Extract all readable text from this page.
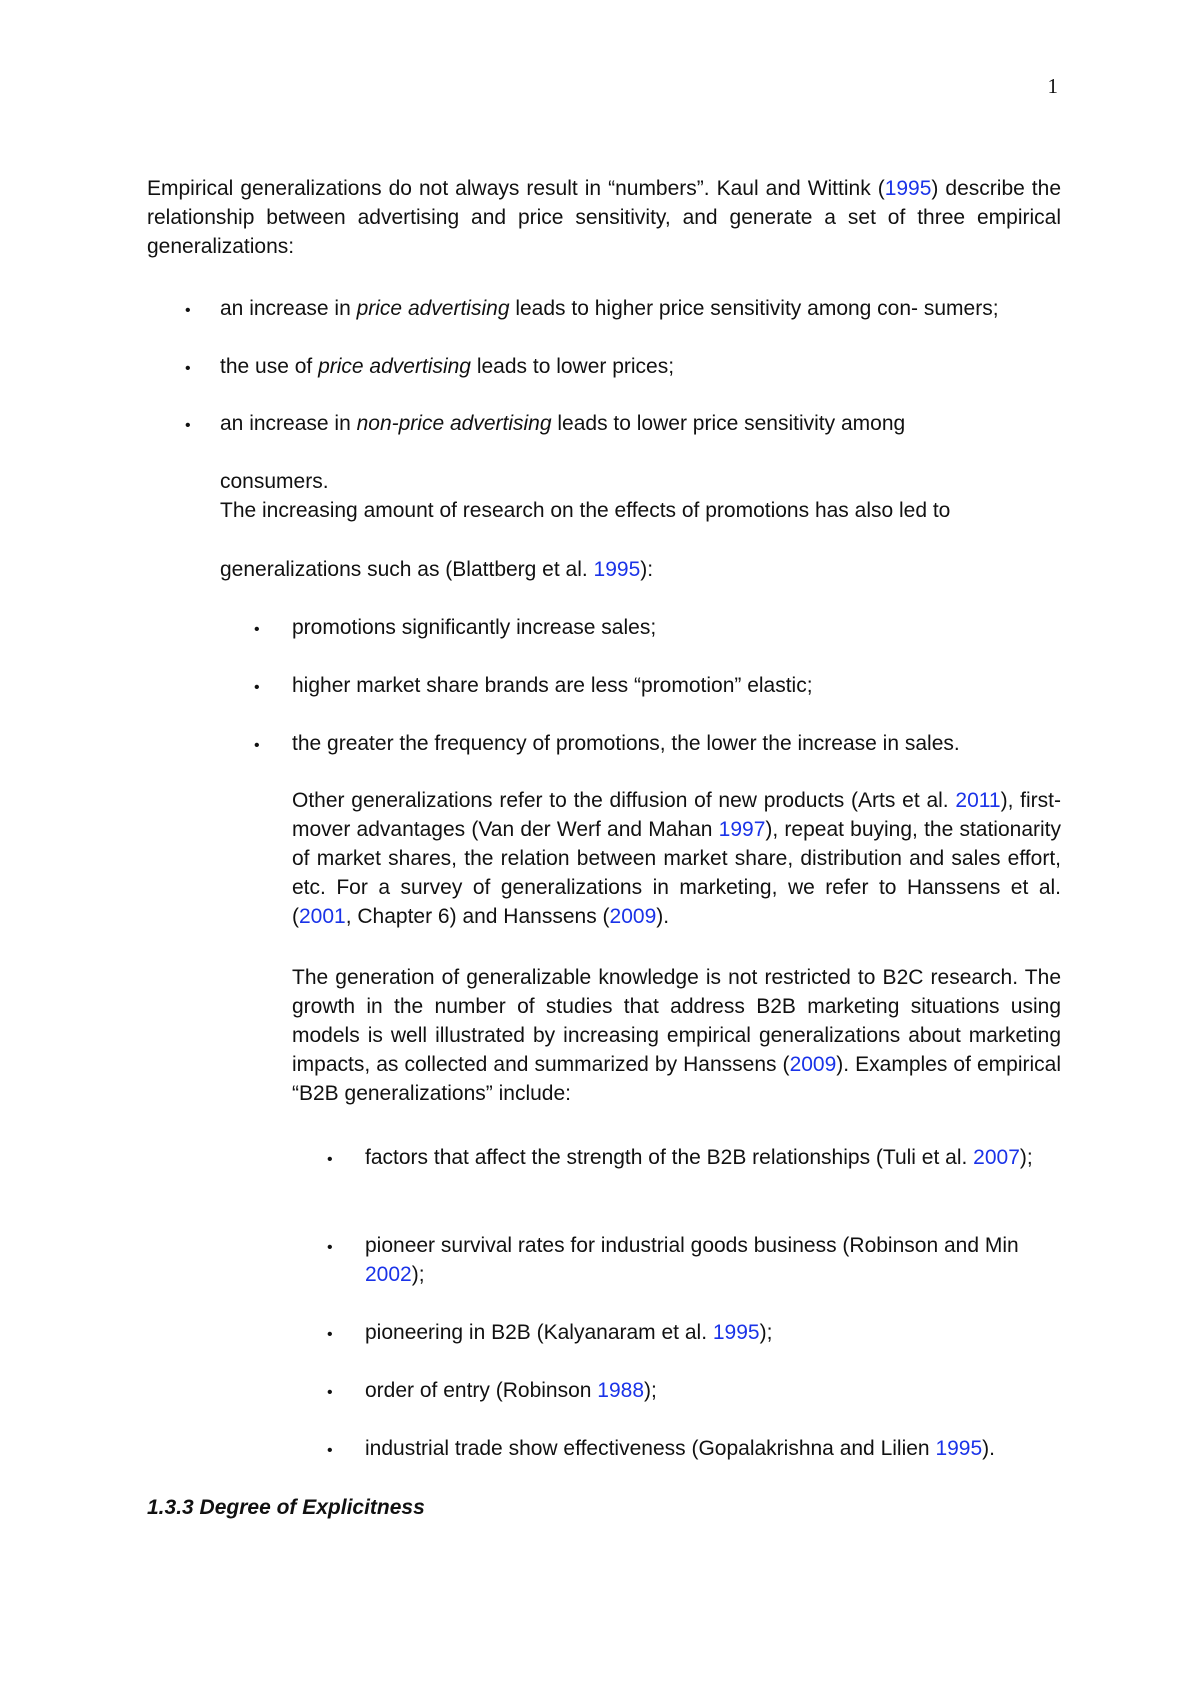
1

Empirical generalizations do not always result in “numbers”. Kaul and Wittink (1995) describe the relationship between advertising and price sensitivity, and generate a set of three empirical generalizations:

• an increase in price advertising leads to higher price sensitivity among con- sumers;

• the use of price advertising leads to lower prices;

• an increase in non-price advertising leads to lower price sensitivity among

consumers.

The increasing amount of research on the effects of promotions has also led to

generalizations such as (Blattberg et al. 1995):

• promotions significantly increase sales;

• higher market share brands are less “promotion” elastic;

• the greater the frequency of promotions, the lower the increase in sales.

Other generalizations refer to the diffusion of new products (Arts et al. 2011), first- mover advantages (Van der Werf and Mahan 1997), repeat buying, the stationarity of market shares, the relation between market share, distribution and sales effort, etc. For a survey of generalizations in marketing, we refer to Hanssens et al. (2001, Chapter 6) and Hanssens (2009).

The generation of generalizable knowledge is not restricted to B2C research. The growth in the number of studies that address B2B marketing situations using models is well illustrated by increasing empirical generalizations about marketing impacts, as collected and summarized by Hanssens (2009). Examples of empirical “B2B generalizations” include:

• factors that affect the strength of the B2B relationships (Tuli et al. 2007);

• pioneer survival rates for industrial goods business (Robinson and Min 2002);

• pioneering in B2B (Kalyanaram et al. 1995);

• order of entry (Robinson 1988);

• industrial trade show effectiveness (Gopalakrishna and Lilien 1995).

1.3.3 Degree of Explicitness
